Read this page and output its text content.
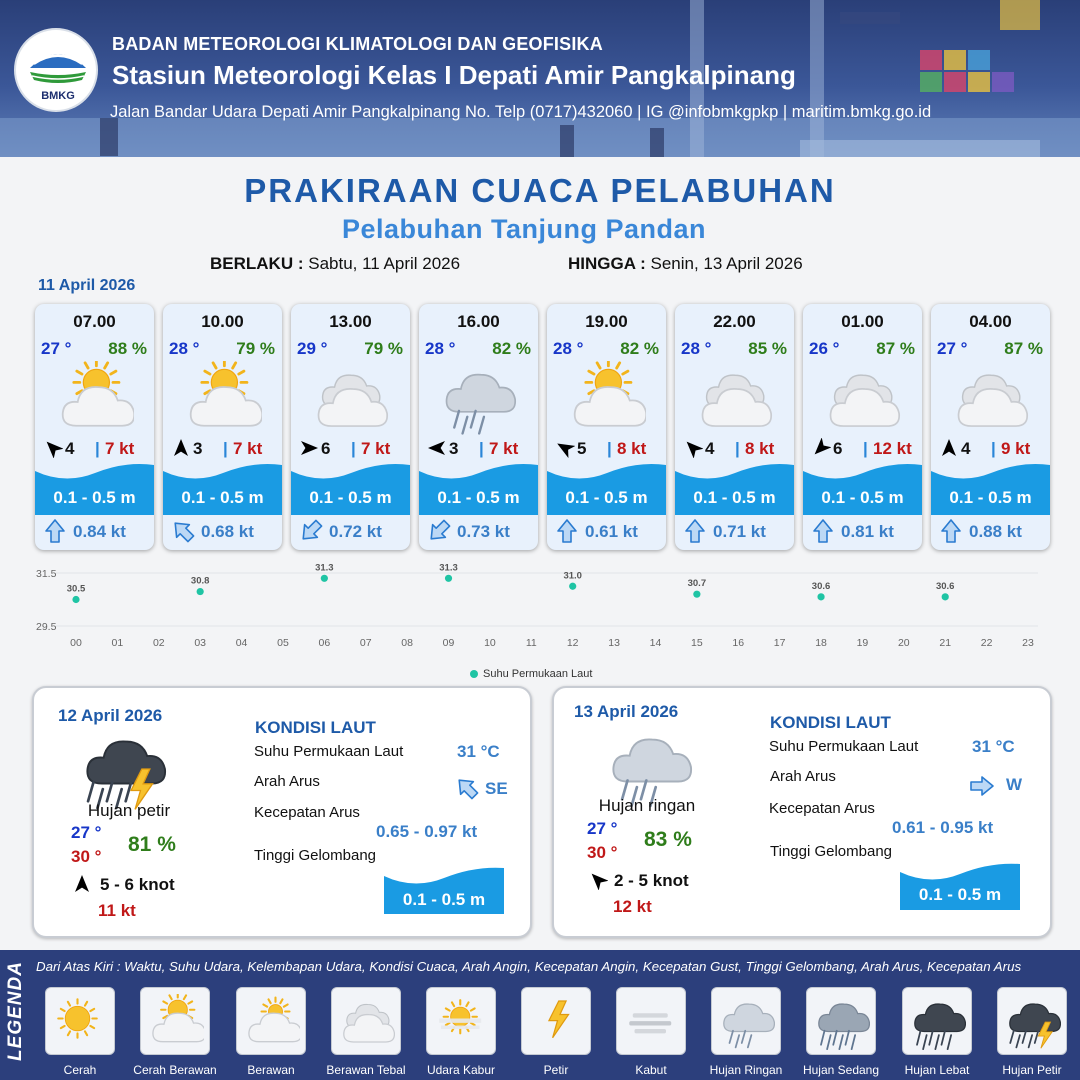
BMKG
BADAN METEOROLOGI KLIMATOLOGI DAN GEOFISIKA
Stasiun Meteorologi Kelas I Depati Amir Pangkalpinang
Jalan Bandar Udara Depati Amir Pangkalpinang No. Telp (0717)432060 | IG @infobmkgpkp | maritim.bmkg.go.id
PRAKIRAAN CUACA PELABUHAN
Pelabuhan Tanjung Pandan
BERLAKU : Sabtu, 11 April 2026	HINGGA : Senin, 13 April 2026
11 April 2026
07.00
27 ° 88 %
4 | 7 kt
0.1 - 0.5 m
0.84 kt
10.00
28 ° 79 %
3 | 7 kt
0.1 - 0.5 m
0.68 kt
13.00
29 ° 79 %
6 | 7 kt
0.1 - 0.5 m
0.72 kt
16.00
28 ° 82 %
3 | 7 kt
0.1 - 0.5 m
0.73 kt
19.00
28 ° 82 %
5 | 8 kt
0.1 - 0.5 m
0.61 kt
22.00
28 ° 85 %
4 | 8 kt
0.1 - 0.5 m
0.71 kt
01.00
26 ° 87 %
6 | 12 kt
0.1 - 0.5 m
0.81 kt
04.00
27 ° 87 %
4 | 9 kt
0.1 - 0.5 m
0.88 kt
29.5
31.5
00	01	02	03	04	05	06	07	08	09	10	11	12	13	14	15	16	17	18	19	20	21	22	23
30.5
30.8
31.3	31.3
31.0
30.7	30.6	30.6
Suhu Permukaan Laut
12 April 2026
Hujan petir
27 °
30 °
81 %
5 - 6 knot
11 kt
KONDISI LAUT
Suhu Permukaan Laut	31 °C
Arah Arus	SE
Kecepatan Arus
0.65 - 0.97 kt
Tinggi Gelombang
0.1 - 0.5 m
13 April 2026
Hujan ringan
27 °
30 °
83 %
2 - 5 knot
12 kt
KONDISI LAUT
Suhu Permukaan Laut	31 °C
Arah Arus	W
Kecepatan Arus
0.61 - 0.95 kt
Tinggi Gelombang
0.1 - 0.5 m
LEGENDA Dari Atas Kiri : Waktu, Suhu Udara, Kelembapan Udara, Kondisi Cuaca, Arah Angin, Kecepatan Angin, Kecepatan Gust, Tinggi Gelombang, Arah Arus, Kecepatan Arus
Cerah	Cerah Berawan	Berawan	Berawan Tebal	Udara Kabur	Petir	Kabut	Hujan Ringan	Hujan Sedang	Hujan Lebat	Hujan Petir
